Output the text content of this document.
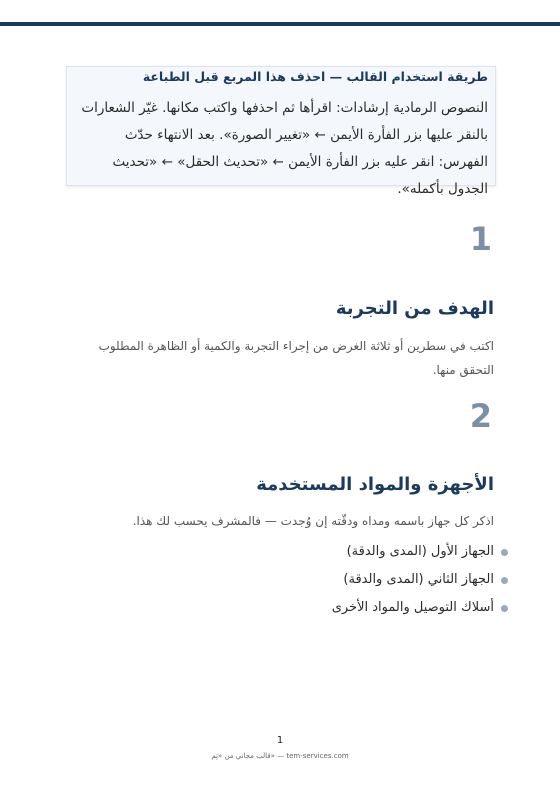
طريقة استخدام القالب — احذف هذا المربع قبل الطباعة
النصوص الرمادية إرشادات: اقرأها ثم احذفها واكتب مكانها. غيّر الشعارات بالنقر عليها بزر الفأرة الأيمن ← «تغيير الصورة». بعد الانتهاء حدّث الفهرس: انقر عليه بزر الفأرة الأيمن ← «تحديث الحقل» ← «تحديث الجدول بأكمله».
1
الهدف من التجربة
اكتب في سطرين أو ثلاثة الغرض من إجراء التجربة والكمية أو الظاهرة المطلوب التحقق منها.
2
الأجهزة والمواد المستخدمة
اذكر كل جهاز باسمه ومداه ودقّته إن وُجدت — فالمشرف يحسب لك هذا.
الجهاز الأول (المدى والدقة)
الجهاز الثاني (المدى والدقة)
أسلاك التوصيل والمواد الأخرى
1
قالب مجاني من «تِم» — tem-services.com
